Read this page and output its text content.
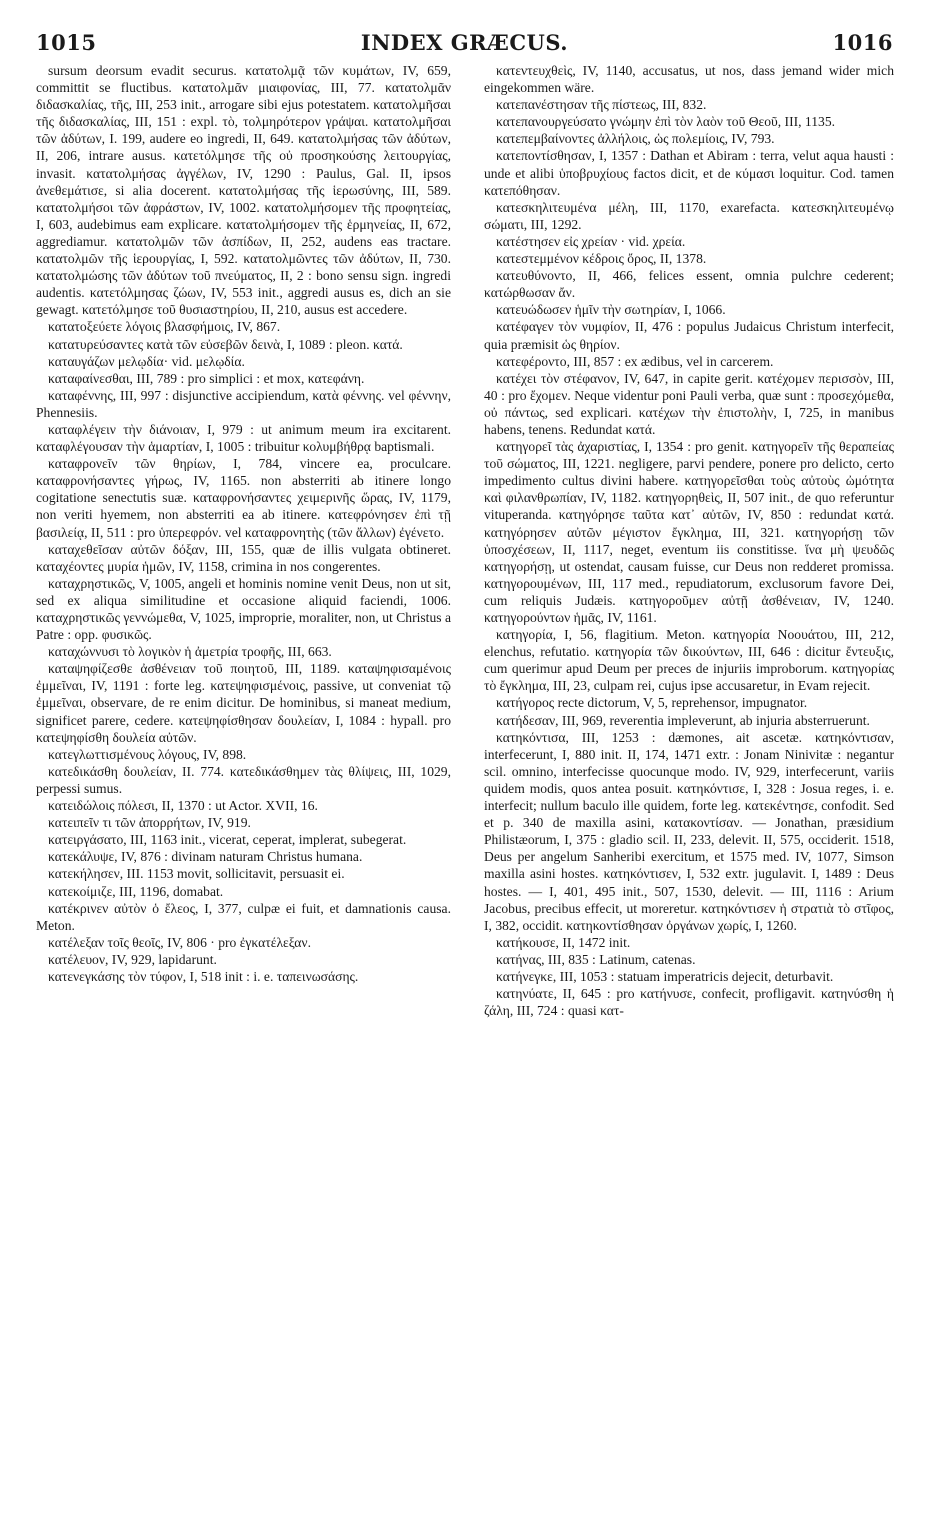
1015	INDEX GRÆCUS.	1016

sursum deorsum evadit securus. κατατολμᾷ τῶν κυμάτων, IV, 659, committit se fluctibus. κατατολμᾶν μιαιφονίας, III, 77. κατατολμᾶν διδασκαλίας, τῆς, III, 253 init., arrogare sibi ejus potestatem. κατατολμῆσαι τῆς διδασκαλίας, III, 151 : expl. τὸ, τολμηρότερον γράψαι. κατατολμῆσαι τῶν ἀδύτων, I. 199, audere eo ingredi, II, 649. κατατολμήσας τῶν ἀδύτων, II, 206, intrare ausus. κατετόλμησε τῆς οὐ προσηκούσης λειτουργίας, invasit. κατατολμήσας ἀγγέλων, IV, 1290 : Paulus, Gal. II, ipsos ἀνεθεμάτισε, si alia docerent. κατατολμήσας τῆς ἱερωσύνης, III, 589. κατατολμήσοι τῶν ἀφράστων, IV, 1002. κατατολμήσομεν τῆς προφητείας, I, 603, audebimus eam explicare. κατατολμήσομεν τῆς ἑρμηνείας, II, 672, aggrediamur. κατατολμῶν τῶν ἀσπίδων, II, 252, audens eas tractare. κατατολμῶν τῆς ἱερουργίας, I, 592. κατατολμῶντες τῶν ἀδύτων, II, 730. κατατολμώσης τῶν ἀδύτων τοῦ πνεύματος, II, 2 : bono sensu sign. ingredi audentis. κατετόλμησας ζώων, IV, 553 init., aggredi ausus es, dich an sie gewagt. κατετόλμησε τοῦ θυσιαστηρίου, II, 210, ausus est accedere.

κατατοξεύετε λόγοις βλασφήμοις, IV, 867.

κατατυρεύσαντες κατὰ τῶν εὐσεβῶν δεινὰ, I, 1089 : pleon. κατά.

καταυγάζων μελῳδία· vid. μελῳδία.

καταφαίνεσθαι, III, 789 : pro simplici : et mox, κατεφάνη.

καταφέννης, III, 997 : disjunctive accipiendum, κατὰ φέννης. vel φέννην, Phennesiis.

καταφλέγειν τὴν διάνοιαν, I, 979 : ut animum meum ira excitarent. καταφλέγουσαν τὴν ἁμαρτίαν, I, 1005 : tribuitur κολυμβήθρᾳ baptismali.

καταφρονεῖν τῶν θηρίων, I, 784, vincere ea, proculcare. καταφρονήσαντες γήρως, IV, 1165. non absterriti ab itinere longo cogitatione senectutis suæ. καταφρονήσαντες χειμερινῆς ὥρας, IV, 1179, non veriti hyemem, non absterriti ea ab itinere. κατεφρόνησεν ἐπὶ τῇ βασιλείᾳ, II, 511 : pro ὑπερεφρόν. vel καταφρονητὴς (τῶν ἄλλων) ἐγένετο.

καταχεθεῖσαν αὐτῶν δόξαν, III, 155, quæ de illis vulgata obtineret. καταχέοντες μυρία ἡμῶν, IV, 1158, crimina in nos congerentes.

καταχρηστικῶς, V, 1005, angeli et hominis nomine venit Deus, non ut sit, sed ex aliqua similitudine et occasione aliquid faciendi, 1006. καταχρηστικῶς γεννώμεθα, V, 1025, improprie, moraliter, non, ut Christus a Patre : opp. φυσικῶς.

καταχώννυσι τὸ λογικὸν ἡ ἀμετρία τροφῆς, III, 663.

καταψηφίζεσθε ἀσθένειαν τοῦ ποιητοῦ, III, 1189. καταψηφισαμένοις ἐμμεῖναι, IV, 1191 : forte leg. κατεψηφισμένοις, passive, ut conveniat τῷ ἐμμεῖναι, observare, de re enim dicitur. De hominibus, si maneat medium, significet parere, cedere. κατεψηφίσθησαν δουλείαν, I, 1084 : hypall. pro κατεψηφίσθη δουλεία αὐτῶν.

κατεγλωττισμένους λόγους, IV, 898.

κατεδικάσθη δουλείαν, II. 774. κατεδικάσθημεν τὰς θλίψεις, III, 1029, perpessi sumus.

κατειδώλοις πόλεσι, II, 1370 : ut Actor. XVII, 16.

κατειπεῖν τι τῶν ἀπορρήτων, IV, 919.

κατειργάσατο, III, 1163 init., vicerat, ceperat, implerat, subegerat.

κατεκάλυψε, IV, 876 : divinam naturam Christus humana.

κατεκήλησεν, III. 1153 movit, sollicitavit, persuasit ei.

κατεκοίμιζε, III, 1196, domabat.

κατέκρινεν αὐτὸν ὁ ἔλεος, I, 377, culpæ ei fuit, et damnationis causa. Meton.

κατέλεξαν τοῖς θεοῖς, IV, 806 · pro ἐγκατέλεξαν.

κατέλευον, IV, 929, lapidarunt.

κατενεγκάσης τὸν τύφον, I, 518 init : i. e. ταπεινωσάσης.

κατεντευχθεὶς, IV, 1140, accusatus, ut nos, dass jemand wider mich eingekommen wäre.

κατεπανέστησαν τῆς πίστεως, III, 832.

κατεπανουργεύσατο γνώμην ἐπὶ τὸν λαὸν τοῦ Θεοῦ, III, 1135.

κατεπεμβαίνοντες ἀλλήλοις, ὡς πολεμίοις, IV, 793.

κατεποντίσθησαν, I, 1357 : Dathan et Abiram : terra, velut aqua hausti : unde et alibi ὑποβρυχίους factos dicit, et de κύμασι loquitur. Cod. tamen κατεπόθησαν.

κατεσκηλιτευμένα μέλη, III, 1170, exarefacta. κατεσκηλιτευμένῳ σώματι, III, 1292.

κατέστησεν εἰς χρείαν · vid. χρεία.

κατεστεμμένον κέδροις ὄρος, II, 1378.

κατευθύνοντο, II, 466, felices essent, omnia pulchre cederent; κατώρθωσαν ἄν.

κατευώδωσεν ἡμῖν τὴν σωτηρίαν, I, 1066.

κατέφαγεν τὸν νυμφίον, II, 476 : populus Judaicus Christum interfecit, quia præmisit ὡς θηρίον.

κατεφέροντο, III, 857 : ex ædibus, vel in carcerem.

κατέχει τὸν στέφανον, IV, 647, in capite gerit. κατέχομεν περισσὸν, III, 40 : pro ἔχομεν. Neque videntur poni Pauli verba, quæ sunt : προσεχόμεθα, οὐ πάντως, sed explicari. κατέχων τὴν ἐπιστολὴν, I, 725, in manibus habens, tenens. Redundat κατά.

κατηγορεῖ τὰς ἀχαριστίας, I, 1354 : pro genit. κατηγορεῖν τῆς θεραπείας τοῦ σώματος, III, 1221. negligere, parvi pendere, ponere pro delicto, certo impedimento cultus divini habere. κατηγορεῖσθαι τοὺς αὐτοὺς ὠμότητα καὶ φιλανθρωπίαν, IV, 1182. κατηγορηθεὶς, II, 507 init., de quo referuntur vituperanda. κατηγόρησε ταῦτα κατ᾽ αὐτῶν, IV, 850 : redundat κατά. κατηγόρησεν αὐτῶν μέγιστον ἔγκλημα, III, 321. κατηγορήσῃ τῶν ὑποσχέσεων, II, 1117, neget, eventum iis constitisse. ἵνα μὴ ψευδῶς κατηγορήσῃ, ut ostendat, causam fuisse, cur Deus non redderet promissa. κατηγορουμένων, III, 117 med., repudiatorum, exclusorum favore Dei, cum reliquis Judæis. κατηγοροῦμεν αὐτῇ ἀσθένειαν, IV, 1240. κατηγορούντων ἡμᾶς, IV, 1161.

κατηγορία, I, 56, flagitium. Meton. κατηγορία Νοουάτου, III, 212, elenchus, refutatio. κατηγορία τῶν δικούντων, III, 646 : dicitur ἔντευξις, cum querimur apud Deum per preces de injuriis improborum. κατηγορίας τὸ ἔγκλημα, III, 23, culpam rei, cujus ipse accusaretur, in Evam rejecit.

κατήγορος recte dictorum, V, 5, reprehensor, impugnator.

κατήδεσαν, III, 969, reverentia impleverunt, ab injuria absterruerunt.

κατηκόντισα, III, 1253 : dæmones, ait ascetæ. κατηκόντισαν, interfecerunt, I, 880 init. II, 174, 1471 extr. : Jonam Ninivitæ : negantur scil. omnino, interfecisse quocunque modo. IV, 929, interfecerunt, variis quidem modis, quos antea posuit. κατηκόντισε, I, 328 : Josua reges, i. e. interfecit; nullum baculo ille quidem, forte leg. κατεκέντησε, confodit. Sed et p. 340 de maxilla asini, κατακοντίσαν. — Jonathan, præsidium Philistæorum, I, 375 : gladio scil. II, 233, delevit. II, 575, occiderit. 1518, Deus per angelum Sanheribi exercitum, et 1575 med. IV, 1077, Simson maxilla asini hostes. κατηκόντισεν, I, 532 extr. jugulavit. I, 1489 : Deus hostes. — I, 401, 495 init., 507, 1530, delevit. — III, 1116 : Arium Jacobus, precibus effecit, ut moreretur. κατηκόντισεν ἡ στρατιὰ τὸ στῖφος, I, 382, occidit. κατηκοντίσθησαν ὀργάνων χωρίς, I, 1260.

κατήκουσε, II, 1472 init.

κατήνας, III, 835 : Latinum, catenas.

κατήνεγκε, III, 1053 : statuam imperatricis dejecit, deturbavit.

κατηνύατε, II, 645 : pro κατήνυσε, confecit, profligavit. κατηνύσθη ἡ ζάλη, III, 724 : quasi κατ-
